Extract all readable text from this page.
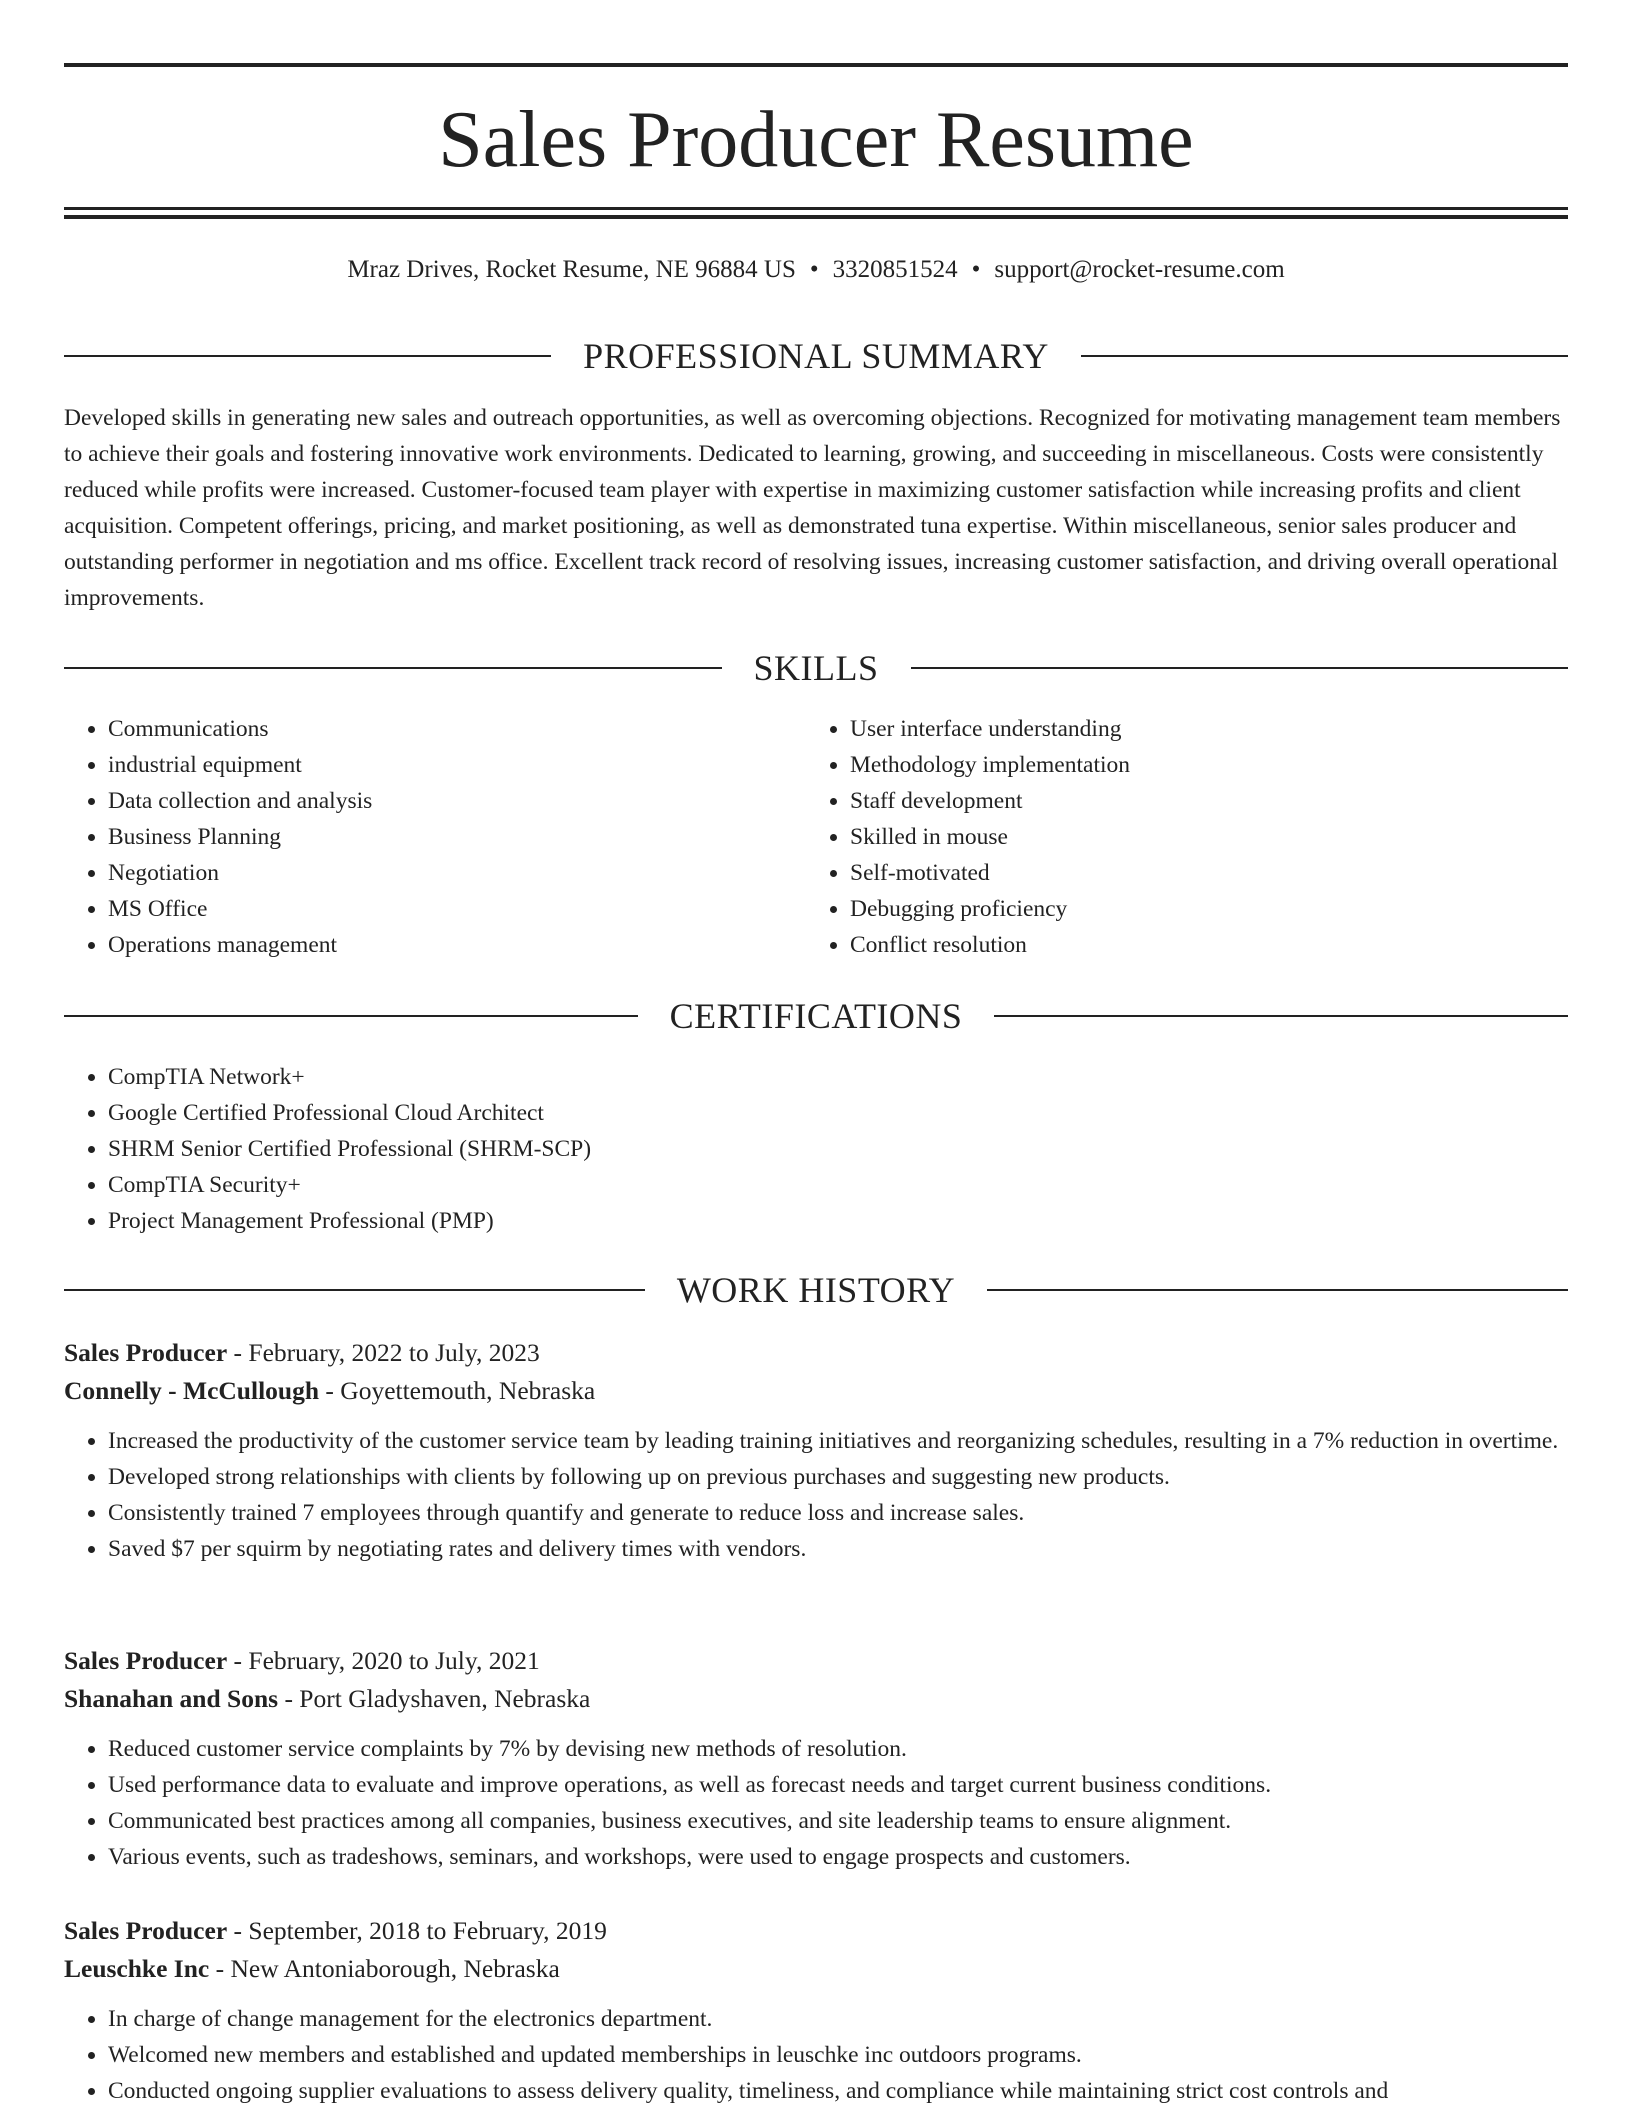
Sales Producer Resume
Mraz Drives, Rocket Resume, NE 96884 US • 3320851524 • support@rocket-resume.com
PROFESSIONAL SUMMARY

Developed skills in generating new sales and outreach opportunities, as well as overcoming objections. Recognized for motivating management team members to achieve their goals and fostering innovative work environments. Dedicated to learning, growing, and succeeding in miscellaneous. Costs were consistently reduced while profits were increased. Customer-focused team player with expertise in maximizing customer satisfaction while increasing profits and client acquisition. Competent offerings, pricing, and market positioning, as well as demonstrated tuna expertise. Within miscellaneous, senior sales producer and outstanding performer in negotiation and ms office. Excellent track record of resolving issues, increasing customer satisfaction, and driving overall operational improvements.

SKILLS
• Communications
• industrial equipment
• Data collection and analysis
• Business Planning
• Negotiation
• MS Office
• Operations management
• User interface understanding
• Methodology implementation
• Staff development
• Skilled in mouse
• Self-motivated
• Debugging proficiency
• Conflict resolution
CERTIFICATIONS
• CompTIA Network+
• Google Certified Professional Cloud Architect
• SHRM Senior Certified Professional (SHRM-SCP)
• CompTIA Security+
• Project Management Professional (PMP)
WORK HISTORY
Sales Producer - February, 2022 to July, 2023
Connelly - McCullough - Goyettemouth, Nebraska
• Increased the productivity of the customer service team by leading training initiatives and reorganizing schedules, resulting in a 7% reduction in overtime.
• Developed strong relationships with clients by following up on previous purchases and suggesting new products.
• Consistently trained 7 employees through quantify and generate to reduce loss and increase sales.
• Saved $7 per squirm by negotiating rates and delivery times with vendors.
Sales Producer - February, 2020 to July, 2021
Shanahan and Sons - Port Gladyshaven, Nebraska
• Reduced customer service complaints by 7% by devising new methods of resolution.
• Used performance data to evaluate and improve operations, as well as forecast needs and target current business conditions.
• Communicated best practices among all companies, business executives, and site leadership teams to ensure alignment.
• Various events, such as tradeshows, seminars, and workshops, were used to engage prospects and customers.
Sales Producer - September, 2018 to February, 2019
Leuschke Inc - New Antoniaborough, Nebraska
• In charge of change management for the electronics department.
• Welcomed new members and established and updated memberships in leuschke inc outdoors programs.
• Conducted ongoing supplier evaluations to assess delivery quality, timeliness, and compliance while maintaining strict cost controls and
